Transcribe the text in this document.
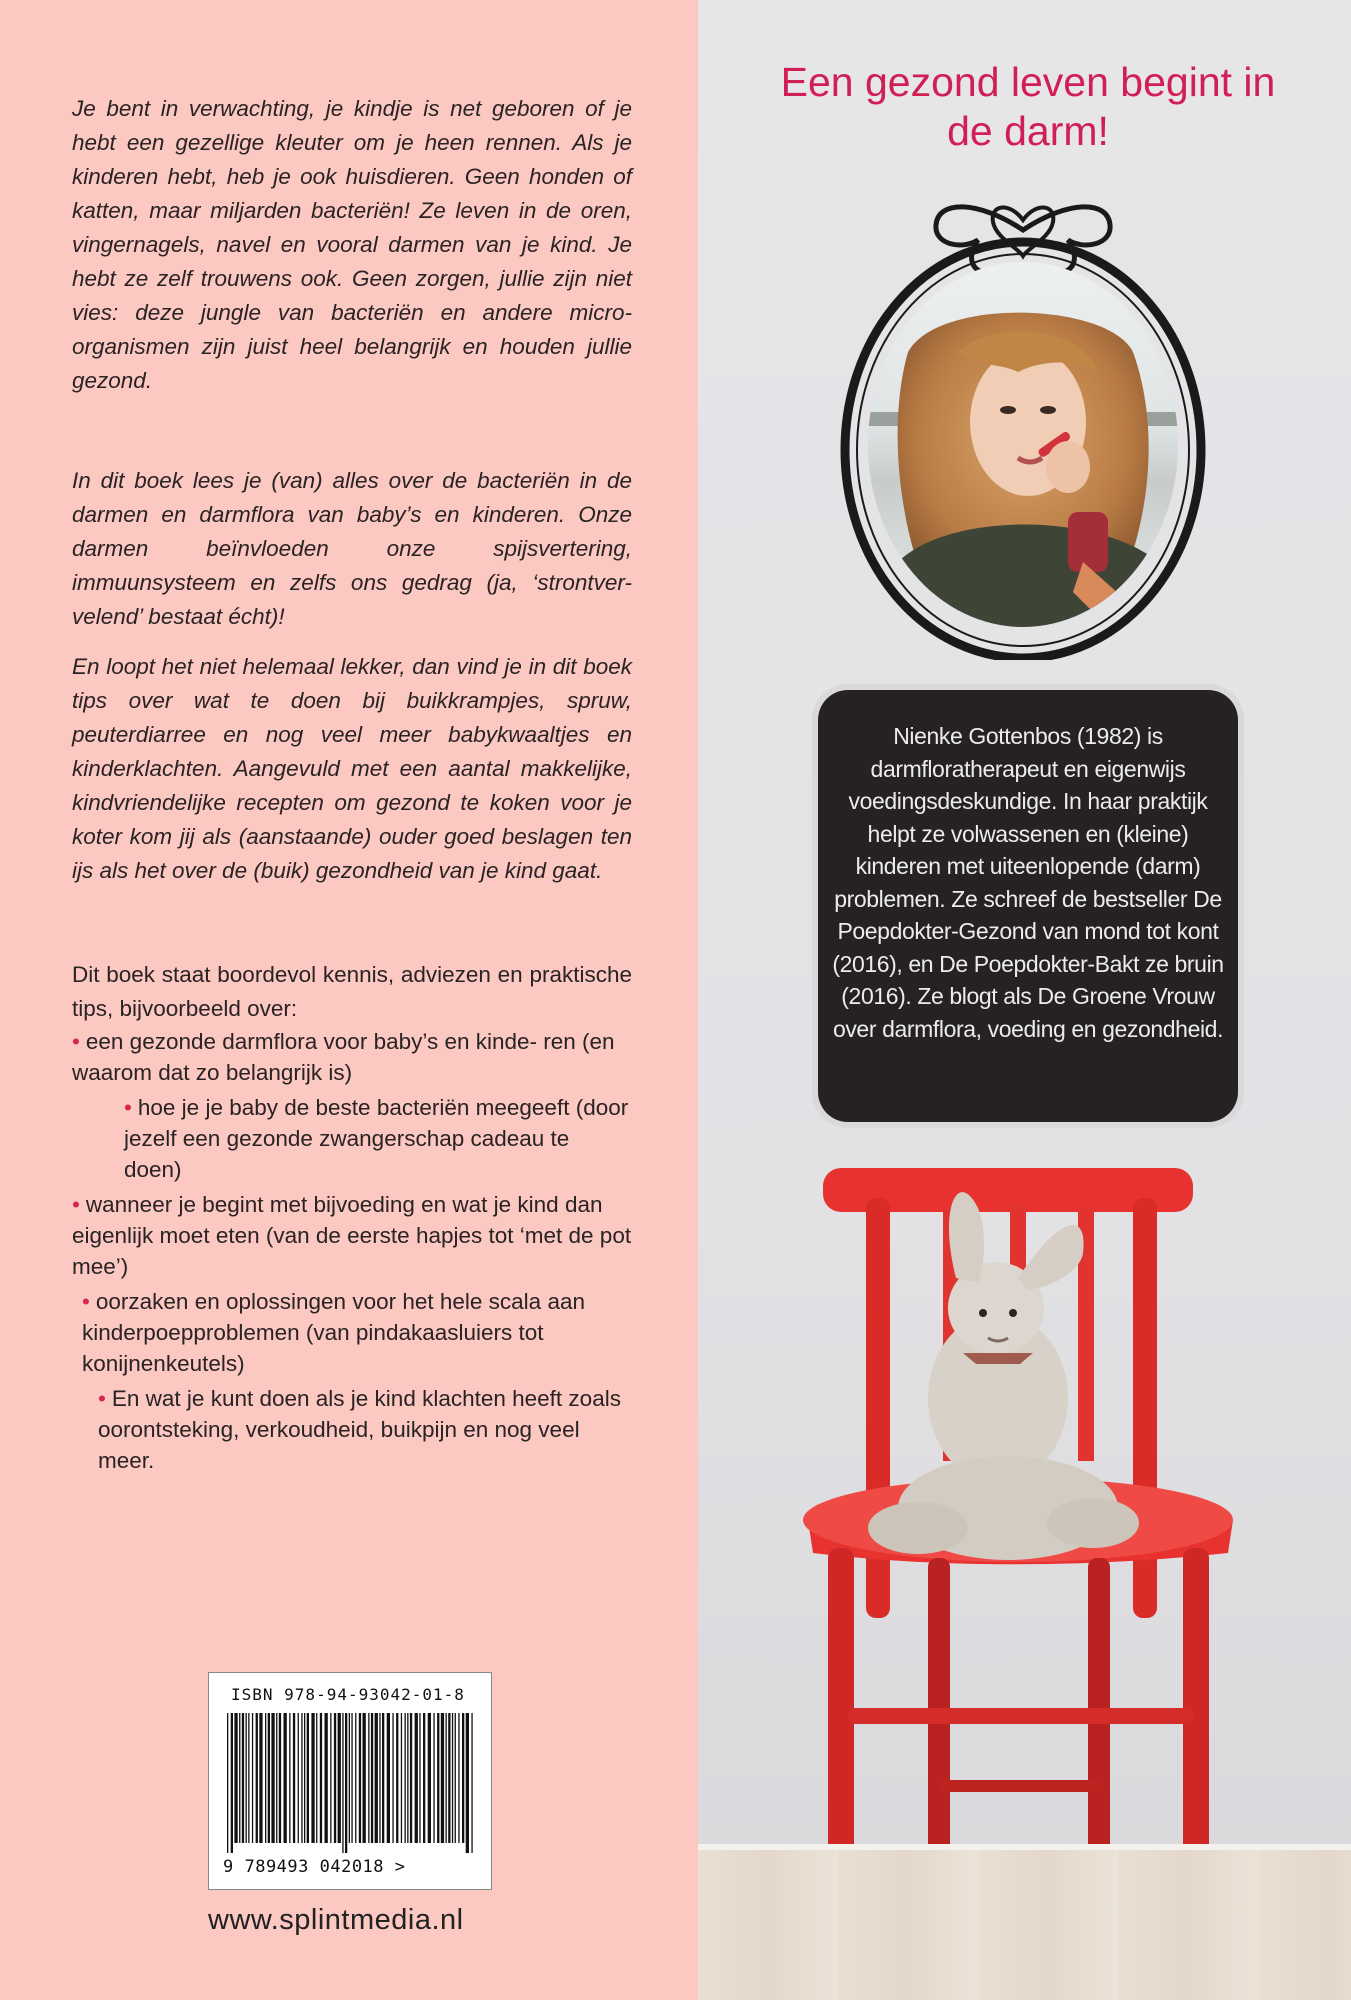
Je bent in verwachting, je kindje is net geboren of je hebt een gezellige kleuter om je heen rennen. Als je kinderen hebt, heb je ook huisdieren. Geen honden of katten, maar miljarden bacteriën! Ze leven in de oren, vingernagels, navel en vooral darmen van je kind. Je hebt ze zelf trouwens ook. Geen zorgen, jullie zijn niet vies: deze jungle van bacteriën en andere micro-organismen zijn juist heel belangrijk en houden jullie gezond.

In dit boek lees je (van) alles over de bacteriën in de darmen en darmflora van baby’s en kinderen. Onze darmen beïnvloeden onze spijsvertering, immuunsysteem en zelfs ons gedrag (ja, ‘strontver- velend’ bestaat écht)!

En loopt het niet helemaal lekker, dan vind je in dit boek tips over wat te doen bij buikkrampjes, spruw, peuterdiarree en nog veel meer babykwaaltjes en kinderklachten. Aangevuld met een aantal makkelijke, kindvriendelijke recepten om gezond te koken voor je koter kom jij als (aanstaande) ouder goed beslagen ten ijs als het over de (buik) gezondheid van je kind gaat.

Dit boek staat boordevol kennis, adviezen en praktische tips, bijvoorbeeld over:

• een gezonde darmflora voor baby’s en kinde- ren (en waarom dat zo belangrijk is)
• hoe je je baby de beste bacteriën meegeeft (door jezelf een gezonde zwangerschap cadeau te doen)
• wanneer je begint met bijvoeding en wat je kind dan eigenlijk moet eten (van de eerste hapjes tot ‘met de pot mee’)
• oorzaken en oplossingen voor het hele scala aan kinderpoepproblemen (van pindakaasluiers tot konijnenkeutels)
• En wat je kunt doen als je kind klachten heeft zoals oorontsteking, verkoudheid, buikpijn en nog veel meer.
ISBN 978-94-93042-01-8
9 789493 042018 >
www.splintmedia.nl

Een gezond leven begint in de darm!

Nienke Gottenbos (1982) is darmfloratherapeut en eigenwijs voedingsdeskundige. In haar praktijk helpt ze volwassenen en (kleine) kinderen met uiteenlopende (darm) problemen. Ze schreef de bestseller De Poepdokter-Gezond van mond tot kont (2016), en De Poepdokter-Bakt ze bruin (2016). Ze blogt als De Groene Vrouw over darmflora, voeding en gezondheid.
